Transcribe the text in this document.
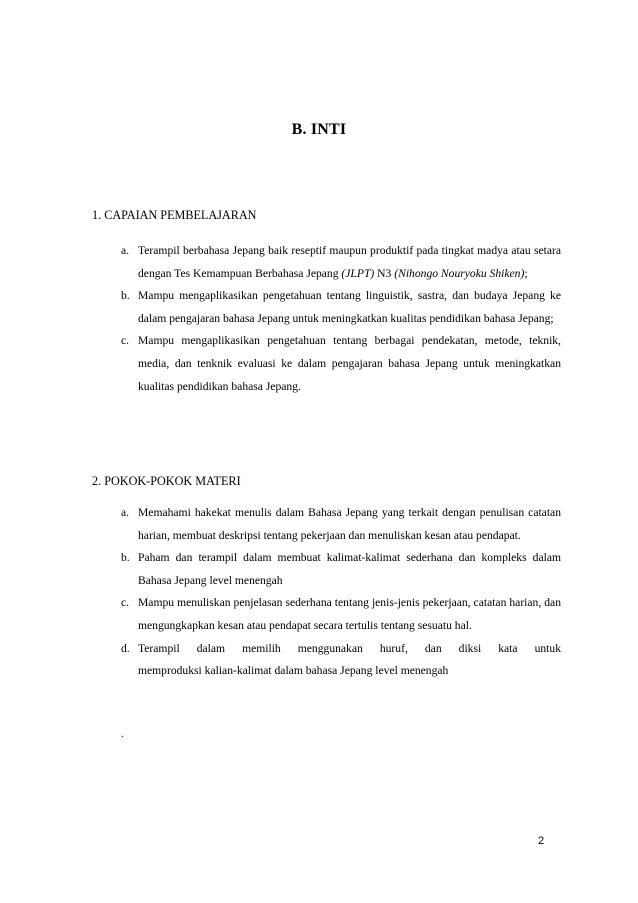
B. INTI
1. CAPAIAN PEMBELAJARAN
a. Terampil berbahasa Jepang baik reseptif maupun produktif pada tingkat madya atau setara dengan Tes Kemampuan Berbahasa Jepang (JLPT) N3 (Nihongo Nouryoku Shiken);
b. Mampu mengaplikasikan pengetahuan tentang linguistik, sastra, dan budaya Jepang ke dalam pengajaran bahasa Jepang untuk meningkatkan kualitas pendidikan bahasa Jepang;
c. Mampu mengaplikasikan pengetahuan tentang berbagai pendekatan, metode, teknik, media, dan tenknik evaluasi ke dalam pengajaran bahasa Jepang untuk meningkatkan kualitas pendidikan bahasa Jepang.
2. POKOK-POKOK MATERI
a. Memahami hakekat menulis dalam Bahasa Jepang yang terkait dengan penulisan catatan harian, membuat deskripsi tentang pekerjaan dan menuliskan kesan atau pendapat.
b. Paham dan terampil dalam membuat kalimat-kalimat sederhana dan kompleks dalam Bahasa Jepang level menengah
c. Mampu menuliskan penjelasan sederhana tentang jenis-jenis pekerjaan, catatan harian, dan mengungkapkan kesan atau pendapat secara tertulis tentang sesuatu hal.
d. Terampil dalam memilih menggunakan huruf, dan diksi kata untuk
memproduksi kalian-kalimat dalam bahasa Jepang level menengah
.
2
